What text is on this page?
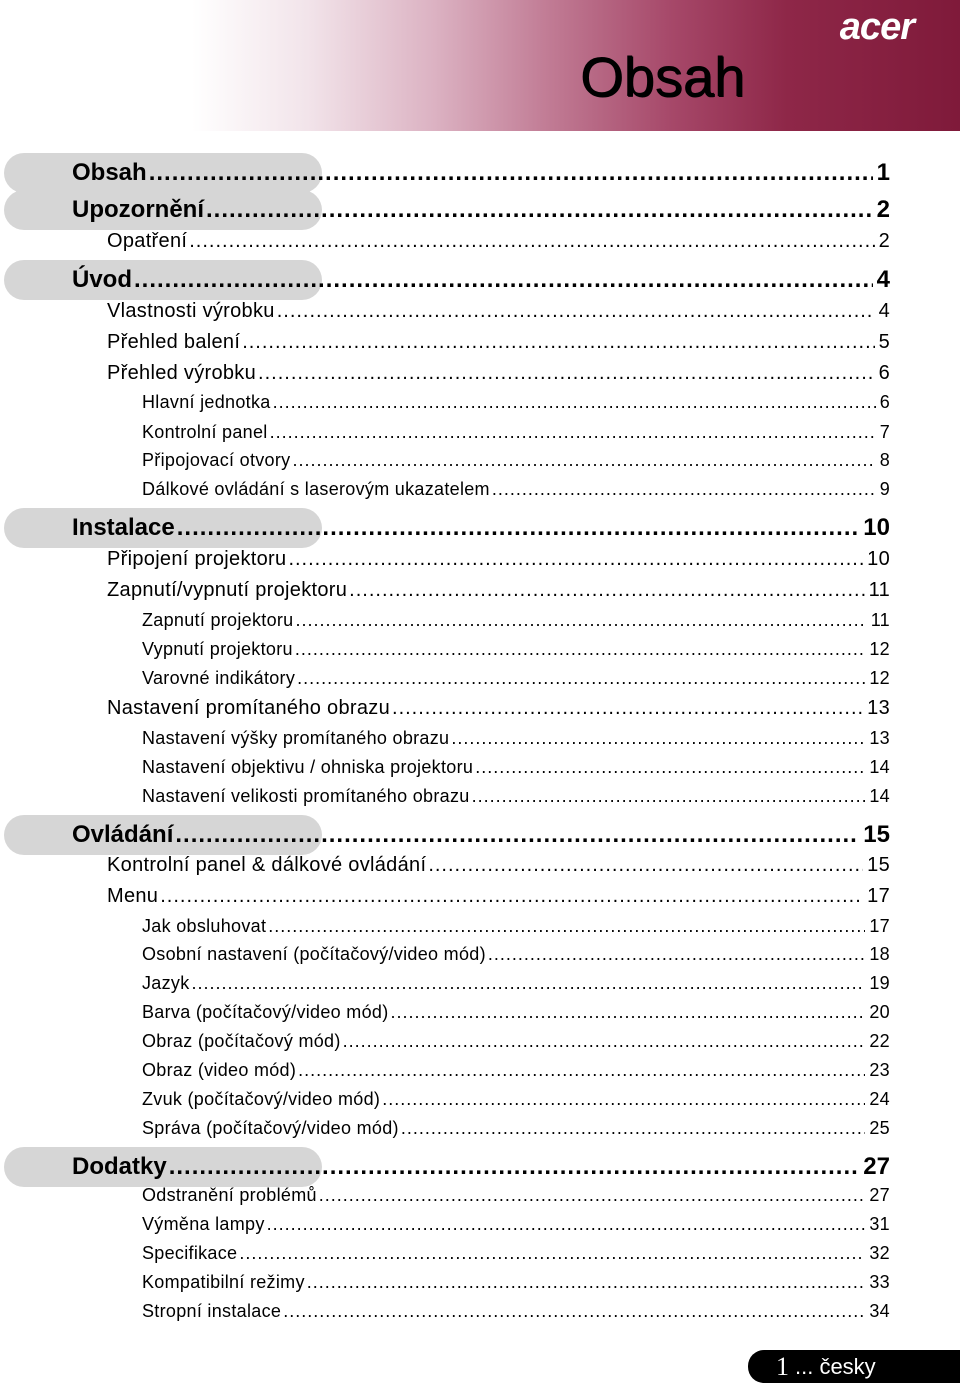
acer
Obsah
Obsah .....	1
Upozornění .....	2
Opatření .....	2
Úvod .....	4
Vlastnosti výrobku .....	4
Přehled balení .....	5
Přehled výrobku .....	6
Hlavní jednotka .....	6
Kontrolní panel .....	7
Připojovací otvory .....	8
Dálkové ovládání s laserovým ukazatelem .....	9
Instalace .....	10
Připojení projektoru .....	10
Zapnutí/vypnutí projektoru .....	11
Zapnutí projektoru .....	11
Vypnutí projektoru .....	12
Varovné indikátory .....	12
Nastavení promítaného obrazu .....	13
Nastavení výšky promítaného obrazu .....	13
Nastavení objektivu / ohniska projektoru .....	14
Nastavení velikosti promítaného obrazu .....	14
Ovládání .....	15
Kontrolní panel & dálkové ovládání .....	15
Menu .....	17
Jak obsluhovat .....	17
Osobní nastavení (počítačový/video mód) .....	18
Jazyk .....	19
Barva (počítačový/video mód) .....	20
Obraz (počítačový mód) .....	22
Obraz (video mód) .....	23
Zvuk (počítačový/video mód) .....	24
Správa (počítačový/video mód) .....	25
Dodatky .....	27
Odstranění problémů .....	27
Výměna lampy .....	31
Specifikace .....	32
Kompatibilní režimy .....	33
Stropní instalace .....	34
1 ... česky
